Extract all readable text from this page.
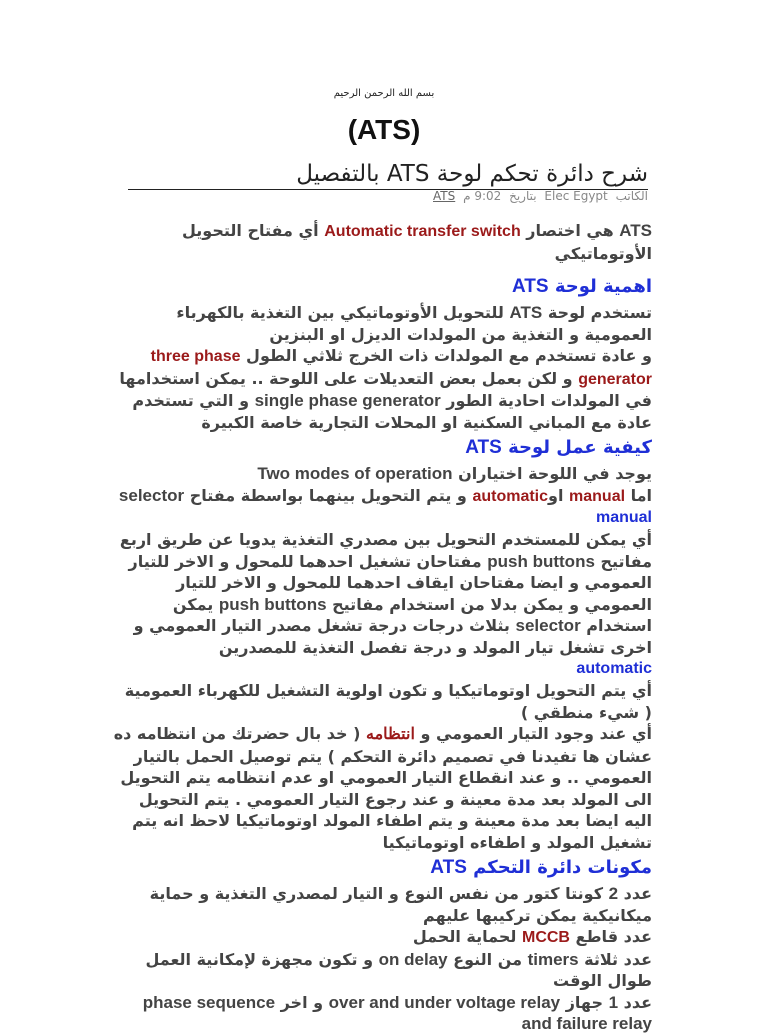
بسم الله الرحمن الرحيم
(ATS)
شرح دائرة تحكم لوحة ATS بالتفصيل
الكاتب Elec Egypt بتاريخ 9:02 م ATS

ATS هي اختصار Automatic transfer switch أي مفتاح التحويل الأوتوماتيكي

اهمية لوحة ATS

تستخدم لوحة ATS للتحويل الأوتوماتيكي بين التغذية بالكهرباء العمومية و التغذية من المولدات الديزل او البنزين

و عادة تستخدم مع المولدات ذات الخرج ثلاثي الطول three phase generator و لكن بعمل بعض التعديلات على اللوحة .. يمكن استخدامها في المولدات احادية الطور single phase generator و التي تستخدم عادة مع المباني السكنية او المحلات التجارية خاصة الكبيرة

كيفية عمل لوحة ATS

يوجد في اللوحة اختياران Two modes of operation

اما manual اوautomatic و يتم التحويل بينهما بواسطة مفتاح selector

manual

أي يمكن للمستخدم التحويل بين مصدري التغذية يدويا عن طريق اربع مفاتيح push buttons مفتاحان تشغيل احدهما للمحول و الاخر للتيار العمومي و ايضا مفتاحان ايقاف احدهما للمحول و الاخر للتيار العمومي و يمكن بدلا من استخدام مفاتيح push buttons يمكن استخدام selector بثلاث درجات درجة تشغل مصدر التيار العمومي و اخرى تشغل تيار المولد و درجة تفصل التغذية للمصدرين

automatic

أي يتم التحويل اوتوماتيكيا و تكون اولوية التشغيل للكهرباء العمومية ( شيء منطقي )

أي عند وجود التيار العمومي و انتظامه ( خد بال حضرتك من انتظامه ده عشان ها تفيدنا في تصميم دائرة التحكم ) يتم توصيل الحمل بالتيار العمومي .. و عند انقطاع التيار العمومي او عدم انتظامه يتم التحويل الى المولد بعد مدة معينة و عند رجوع التيار العمومي . يتم التحويل اليه ايضا بعد مدة معينة و يتم اطفاء المولد اوتوماتيكيا لاحظ انه يتم تشغيل المولد و اطفاءه اوتوماتيكيا

مكونات دائرة التحكم ATS

عدد 2 كونتا كتور من نفس النوع و التيار لمصدري التغذية و حماية ميكانيكية يمكن تركيبها عليهم

عدد قاطع MCCB لحماية الحمل

عدد ثلاثة timers من النوع on delay و تكون مجهزة لإمكانية العمل طوال الوقت

عدد 1 جهاز over and under voltage relay و اخر phase sequence and failure relay
